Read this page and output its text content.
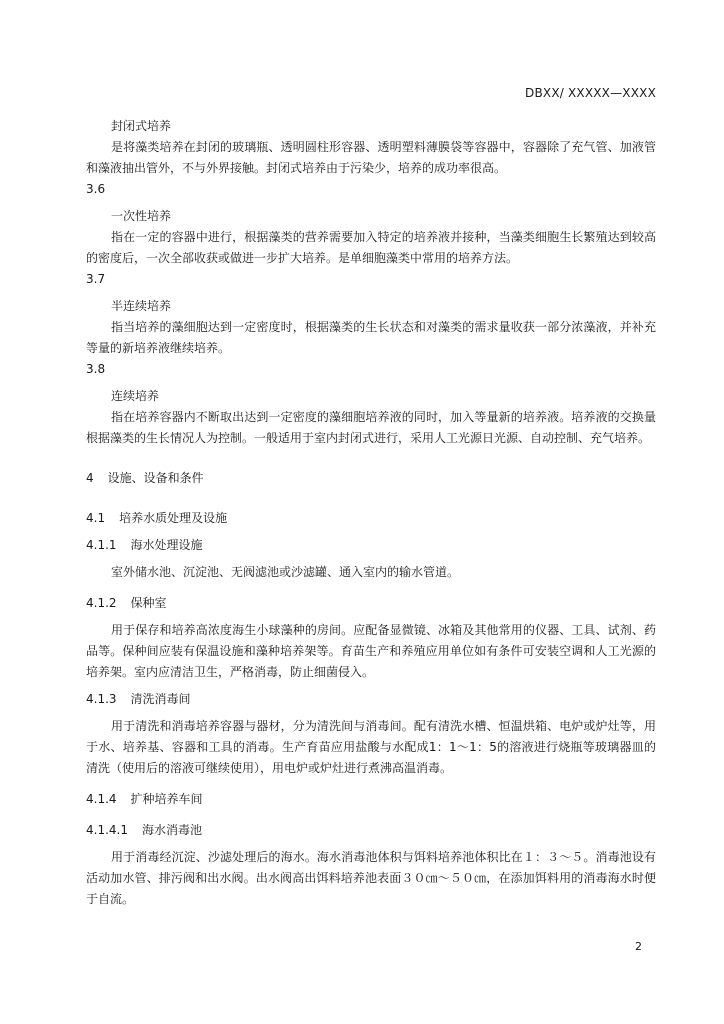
DBXX/ XXXXX—XXXX

封闭式培养

是将藻类培养在封闭的玻璃瓶、透明圆柱形容器、透明塑料薄膜袋等容器中，容器除了充气管、加液管和藻液抽出管外，不与外界接触。封闭式培养由于污染少，培养的成功率很高。

3.6

一次性培养

指在一定的容器中进行，根据藻类的营养需要加入特定的培养液并接种，当藻类细胞生长繁殖达到较高的密度后，一次全部收获或做进一步扩大培养。是单细胞藻类中常用的培养方法。

3.7

半连续培养

指当培养的藻细胞达到一定密度时，根据藻类的生长状态和对藻类的需求量收获一部分浓藻液，并补充等量的新培养液继续培养。

3.8

连续培养

指在培养容器内不断取出达到一定密度的藻细胞培养液的同时，加入等量新的培养液。培养液的交换量根据藻类的生长情况人为控制。一般适用于室内封闭式进行，采用人工光源日光源、自动控制、充气培养。

4 设施、设备和条件

4.1 培养水质处理及设施

4.1.1 海水处理设施

室外储水池、沉淀池、无阀滤池或沙滤罐、通入室内的输水管道。

4.1.2 保种室

用于保存和培养高浓度海生小球藻种的房间。应配备显微镜、冰箱及其他常用的仪器、工具、试剂、药品等。保种间应装有保温设施和藻种培养架等。育苗生产和养殖应用单位如有条件可安装空调和人工光源的培养架。室内应清洁卫生，严格消毒，防止细菌侵入。

4.1.3 清洗消毒间

用于清洗和消毒培养容器与器材，分为清洗间与消毒间。配有清洗水槽、恒温烘箱、电炉或炉灶等，用于水、培养基、容器和工具的消毒。生产育苗应用盐酸与水配成1：1～1：5的溶液进行烧瓶等玻璃器皿的清洗（使用后的溶液可继续使用），用电炉或炉灶进行煮沸高温消毒。

4.1.4 扩种培养车间

4.1.4.1 海水消毒池

用于消毒经沉淀、沙滤处理后的海水。海水消毒池体积与饵料培养池体积比在１：３～５。消毒池设有活动加水管、排污阀和出水阀。出水阀高出饵料培养池表面３０㎝～５０㎝，在添加饵料用的消毒海水时便于自流。

2
